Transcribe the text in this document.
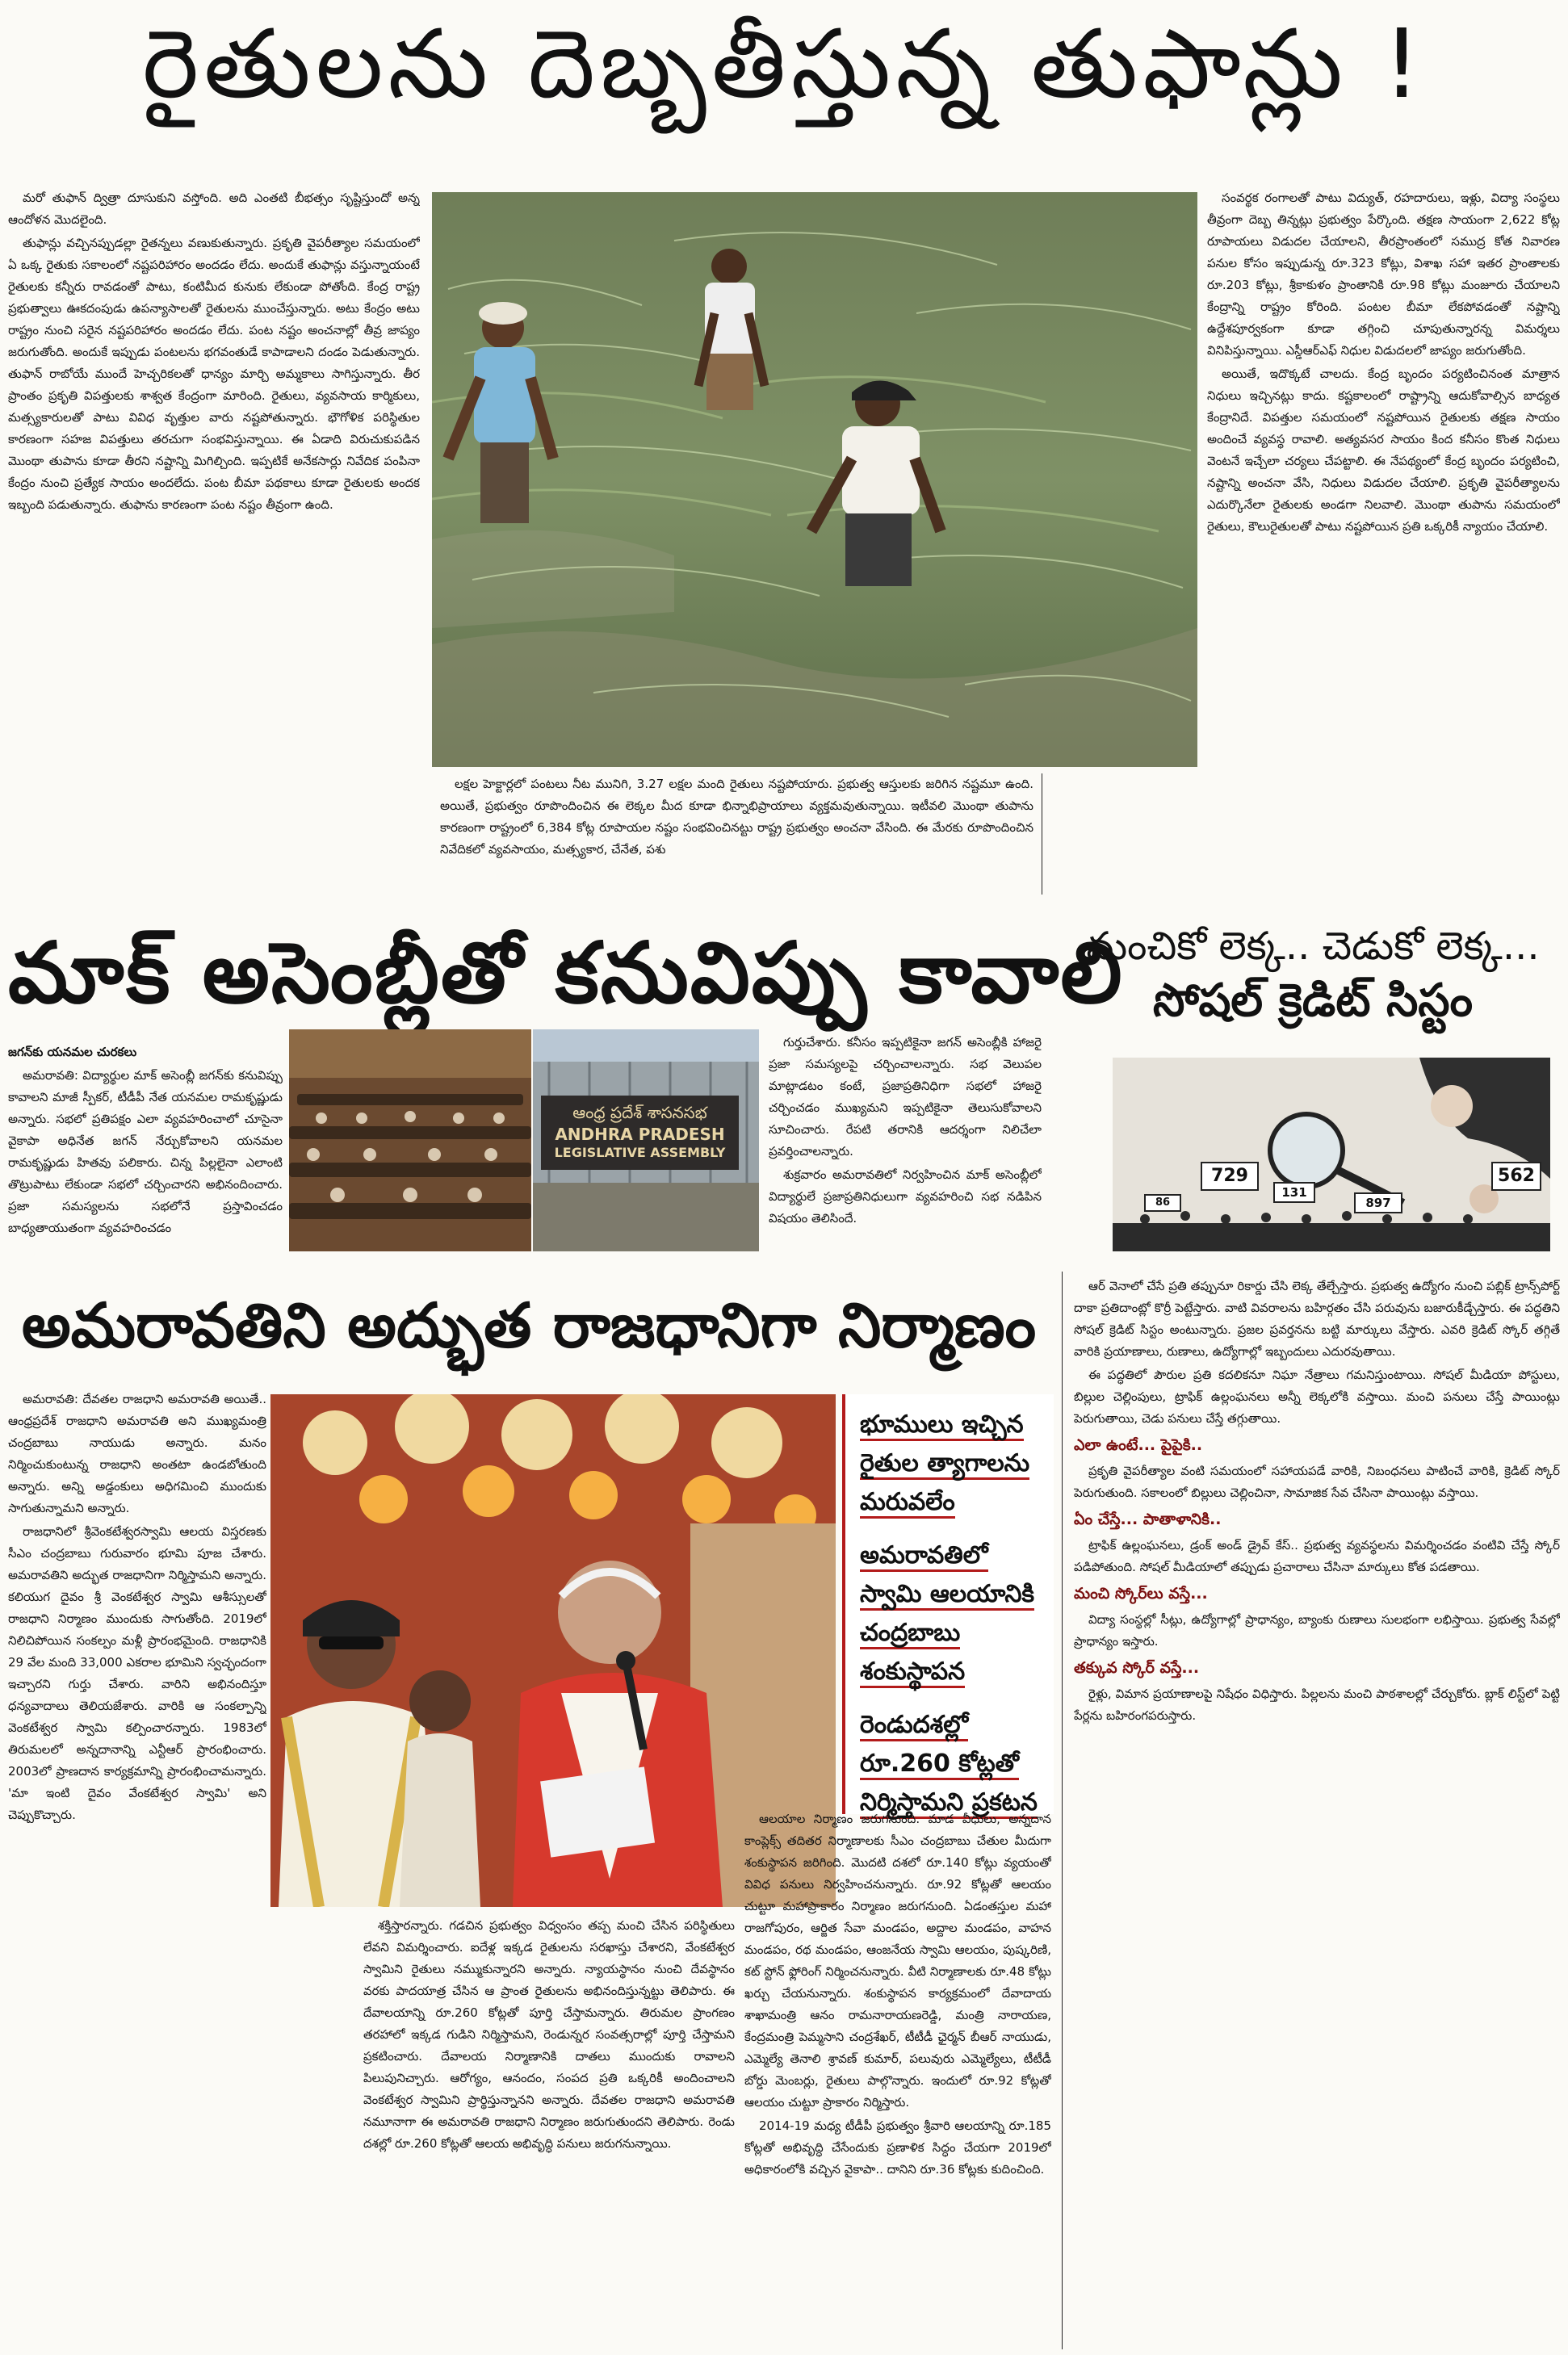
రైతులను దెబ్బతీస్తున్న తుఫాన్లు !

మరో తుఫాన్ ద్విత్రా దూసుకుని వస్తోంది. అది ఎంతటి బీభత్సం సృష్టిస్తుందో అన్న ఆందోళన మొదలైంది.

తుఫాన్లు వచ్చినప్పుడల్లా రైతన్నలు వణుకుతున్నారు. ప్రకృతి వైపరీత్యాల సమయంలో ఏ ఒక్క రైతుకు సకాలంలో నష్టపరిహారం అందడం లేదు. అందుకే తుఫాన్లు వస్తున్నాయంటే రైతులకు కన్నీరు రావడంతో పాటు, కంటిమీద కునుకు లేకుండా పోతోంది. కేంద్ర రాష్ట్ర ప్రభుత్వాలు ఊకదంపుడు ఉపన్యాసాలతో రైతులను ముంచేస్తున్నారు. అటు కేంద్రం అటు రాష్ట్రం నుంచి సరైన నష్టపరిహారం అందడం లేదు. పంట నష్టం అంచనాల్లో తీవ్ర జాప్యం జరుగుతోంది. అందుకే ఇప్పుడు పంటలను భగవంతుడే కాపాడాలని దండం పెడుతున్నారు. తుఫాన్ రాబోయే ముందే హెచ్చరికలతో ధాన్యం మార్చి అమ్మకాలు సాగిస్తున్నారు. తీర ప్రాంతం ప్రకృతి విపత్తులకు శాశ్వత కేంద్రంగా మారింది. రైతులు, వ్యవసాయ కార్మికులు, మత్స్యకారులతో పాటు వివిధ వృత్తుల వారు నష్టపోతున్నారు. భౌగోళిక పరిస్థితుల కారణంగా సహజ విపత్తులు తరచుగా సంభవిస్తున్నాయి. ఈ ఏడాది విరుచుకుపడిన మొంథా తుపాను కూడా తీరని నష్టాన్ని మిగిల్చింది. ఇప్పటికే అనేకసార్లు నివేదిక పంపినా కేంద్రం నుంచి ప్రత్యేక సాయం అందలేదు. పంట బీమా పథకాలు కూడా రైతులకు అందక ఇబ్బంది పడుతున్నారు. తుఫాను కారణంగా పంట నష్టం తీవ్రంగా ఉంది.

లక్షల హెక్టార్లలో పంటలు నీట మునిగి, 3.27 లక్షల మంది రైతులు నష్టపోయారు. ప్రభుత్వ ఆస్తులకు జరిగిన నష్టమూ ఉంది. అయితే, ప్రభుత్వం రూపొందించిన ఈ లెక్కల మీద కూడా భిన్నాభిప్రాయాలు వ్యక్తమవుతున్నాయి. ఇటీవలి మొంథా తుపాను కారణంగా రాష్ట్రంలో 6,384 కోట్ల రూపాయల నష్టం సంభవించినట్టు రాష్ట్ర ప్రభుత్వం అంచనా వేసింది. ఈ మేరకు రూపొందించిన నివేదికలో వ్యవసాయం, మత్స్యకార, చేనేత, పశు

సంవర్థక రంగాలతో పాటు విద్యుత్, రహదారులు, ఇళ్లు, విద్యా సంస్థలు తీవ్రంగా దెబ్బ తిన్నట్లు ప్రభుత్వం పేర్కొంది. తక్షణ సాయంగా 2,622 కోట్ల రూపాయలు విడుదల చేయాలని, తీరప్రాంతంలో సముద్ర కోత నివారణ పనుల కోసం ఇప్పుడున్న రూ.323 కోట్లు, విశాఖ సహా ఇతర ప్రాంతాలకు రూ.203 కోట్లు, శ్రీకాకుళం ప్రాంతానికి రూ.98 కోట్లు మంజూరు చేయాలని కేంద్రాన్ని రాష్ట్రం కోరింది. పంటల బీమా లేకపోవడంతో నష్టాన్ని ఉద్దేశపూర్వకంగా కూడా తగ్గించి చూపుతున్నారన్న విమర్శలు వినిపిస్తున్నాయి. ఎస్డీఆర్ఎఫ్ నిధుల విడుదలలో జాప్యం జరుగుతోంది.

అయితే, ఇదొక్కటే చాలదు. కేంద్ర బృందం పర్యటించినంత మాత్రాన నిధులు ఇచ్చినట్లు కాదు. కష్టకాలంలో రాష్ట్రాన్ని ఆదుకోవాల్సిన బాధ్యత కేంద్రానిదే. విపత్తుల సమయంలో నష్టపోయిన రైతులకు తక్షణ సాయం అందించే వ్యవస్థ రావాలి. అత్యవసర సాయం కింద కనీసం కొంత నిధులు వెంటనే ఇచ్చేలా చర్యలు చేపట్టాలి. ఈ నేపథ్యంలో కేంద్ర బృందం పర్యటించి, నష్టాన్ని అంచనా వేసి, నిధులు విడుదల చేయాలి. ప్రకృతి వైపరీత్యాలను ఎదుర్కొనేలా రైతులకు అండగా నిలవాలి. మొంథా తుపాను సమయంలో రైతులు, కౌలురైతులతో పాటు నష్టపోయిన ప్రతి ఒక్కరికీ న్యాయం చేయాలి.

మాక్ అసెంబ్లీతో కనువిప్పు కావాలి

జగన్‌కు యనమల చురకలు

అమరావతి: విద్యార్థుల మాక్ అసెంబ్లీ జగన్‌కు కనువిప్పు కావాలని మాజీ స్పీకర్, టీడీపీ నేత యనమల రామకృష్ణుడు అన్నారు. సభలో ప్రతిపక్షం ఎలా వ్యవహరించాలో చూసైనా వైకాపా అధినేత జగన్ నేర్చుకోవాలని యనమల రామకృష్ణుడు హితవు పలికారు. చిన్న పిల్లలైనా ఎలాంటి తొట్రుపాటు లేకుండా సభలో చర్చించారని అభినందించారు. ప్రజా సమస్యలను సభలోనే ప్రస్తావించడం బాధ్యతాయుతంగా వ్యవహరించడం

ఆంధ్ర ప్రదేశ్ శాసనసభ
ANDHRA PRADESH
LEGISLATIVE ASSEMBLY

గుర్తుచేశారు. కనీసం ఇప్పటికైనా జగన్ అసెంబ్లీకి హాజరై ప్రజా సమస్యలపై చర్చించాలన్నారు. సభ వెలుపల మాట్లాడటం కంటే, ప్రజాప్రతినిధిగా సభలో హాజరై చర్చించడం ముఖ్యమని ఇప్పటికైనా తెలుసుకోవాలని సూచించారు. రేపటి తరానికి ఆదర్శంగా నిలిచేలా ప్రవర్తించాలన్నారు.

శుక్రవారం అమరావతిలో నిర్వహించిన మాక్ అసెంబ్లీలో విద్యార్థులే ప్రజాప్రతినిధులుగా వ్యవహరించి సభ నడిపిన విషయం తెలిసిందే.

మంచికో లెక్క.. చెడుకో లెక్క...
సోషల్ క్రెడిట్ సిస్టం
729	562
131
897
86

ఆర్ వెనాలో చేసే ప్రతి తప్పునూ రికార్డు చేసి లెక్క తేల్చేస్తారు. ప్రభుత్వ ఉద్యోగం నుంచి పబ్లిక్ ట్రాన్స్‌పోర్ట్ దాకా ప్రతిదాంట్లో కొర్రీ పెట్టేస్తారు. వాటి వివరాలను బహిర్గతం చేసి పరువును బజారుకీడ్చేస్తారు. ఈ పద్ధతిని సోషల్ క్రెడిట్ సిస్టం అంటున్నారు. ప్రజల ప్రవర్తనను బట్టి మార్కులు వేస్తారు. ఎవరి క్రెడిట్ స్కోర్ తగ్గితే వారికి ప్రయాణాలు, రుణాలు, ఉద్యోగాల్లో ఇబ్బందులు ఎదురవుతాయి.

ఈ పద్ధతిలో పౌరుల ప్రతి కదలికనూ నిఘా నేత్రాలు గమనిస్తుంటాయి. సోషల్ మీడియా పోస్టులు, బిల్లుల చెల్లింపులు, ట్రాఫిక్ ఉల్లంఘనలు అన్నీ లెక్కలోకి వస్తాయి. మంచి పనులు చేస్తే పాయింట్లు పెరుగుతాయి, చెడు పనులు చేస్తే తగ్గుతాయి.

ఎలా ఉంటే... పైపైకి..

ప్రకృతి వైపరీత్యాల వంటి సమయంలో సహాయపడే వారికి, నిబంధనలు పాటించే వారికి, క్రెడిట్ స్కోర్ పెరుగుతుంది. సకాలంలో బిల్లులు చెల్లించినా, సామాజిక సేవ చేసినా పాయింట్లు వస్తాయి.

ఏం చేస్తే... పాతాళానికి..

ట్రాఫిక్ ఉల్లంఘనలు, డ్రంక్ అండ్ డ్రైవ్ కేస్.. ప్రభుత్వ వ్యవస్థలను విమర్శించడం వంటివి చేస్తే స్కోర్ పడిపోతుంది. సోషల్ మీడియాలో తప్పుడు ప్రచారాలు చేసినా మార్కులు కోత పడతాయి.

మంచి స్కోర్‌లు వస్తే...

విద్యా సంస్థల్లో సీట్లు, ఉద్యోగాల్లో ప్రాధాన్యం, బ్యాంకు రుణాలు సులభంగా లభిస్తాయి. ప్రభుత్వ సేవల్లో ప్రాధాన్యం ఇస్తారు.

తక్కువ స్కోర్ వస్తే...

రైళ్లు, విమాన ప్రయాణాలపై నిషేధం విధిస్తారు. పిల్లలను మంచి పాఠశాలల్లో చేర్చుకోరు. బ్లాక్ లిస్ట్‌లో పెట్టి పేర్లను బహిరంగపరుస్తారు.

అమరావతిని అద్భుత రాజధానిగా నిర్మాణం

అమరావతి: దేవతల రాజధాని అమరావతి అయితే.. ఆంధ్రప్రదేశ్ రాజధాని అమరావతి అని ముఖ్యమంత్రి చంద్రబాబు నాయుడు అన్నారు. మనం నిర్మించుకుంటున్న రాజధాని అంతటా ఉండబోతుంది అన్నారు. అన్ని అడ్డంకులు అధిగమించి ముందుకు సాగుతున్నామని అన్నారు.

రాజధానిలో శ్రీవెంకటేశ్వరస్వామి ఆలయ విస్తరణకు సీఎం చంద్రబాబు గురువారం భూమి పూజ చేశారు. అమరావతిని అద్భుత రాజధానిగా నిర్మిస్తామని అన్నారు. కలియుగ దైవం శ్రీ వెంకటేశ్వర స్వామి ఆశీస్సులతో రాజధాని నిర్మాణం ముందుకు సాగుతోంది. 2019లో నిలిచిపోయిన సంకల్పం మళ్లీ ప్రారంభమైంది. రాజధానికి 29 వేల మంది 33,000 ఎకరాల భూమిని స్వచ్ఛందంగా ఇచ్చారని గుర్తు చేశారు. వారిని అభినందిస్తూ ధన్యవాదాలు తెలియజేశారు. వారికి ఆ సంకల్పాన్ని వెంకటేశ్వర స్వామి కల్పించారన్నారు. 1983లో తిరుమలలో అన్నదానాన్ని ఎన్టీఆర్ ప్రారంభించారు. 2003లో ప్రాణదాన కార్యక్రమాన్ని ప్రారంభించామన్నారు. 'మా ఇంటి దైవం వేంకటేశ్వర స్వామి' అని చెప్పుకొచ్చారు.

భూములు ఇచ్చిన రైతుల త్యాగాలను మరువలేం

అమరావతిలో స్వామి ఆలయానికి చంద్రబాబు శంకుస్థాపన

రెండుదశల్లో రూ.260 కోట్లతో నిర్మిస్తామని ప్రకటన

శక్తిస్తారన్నారు. గడచిన ప్రభుత్వం విధ్వంసం తప్ప మంచి చేసిన పరిస్థితులు లేవని విమర్శించారు. ఐదేళ్ల ఇక్కడ రైతులను సరఖాస్తు చేశారని, వేంకటేశ్వర స్వామిని రైతులు నమ్ముకున్నారని అన్నారు. న్యాయస్థానం నుంచి దేవస్థానం వరకు పాదయాత్ర చేసిన ఆ ప్రాంత రైతులను అభినందిస్తున్నట్టు తెలిపారు. ఈ దేవాలయాన్ని రూ.260 కోట్లతో పూర్తి చేస్తామన్నారు. తిరుమల ప్రాంగణం తరహాలో ఇక్కడ గుడిని నిర్మిస్తామని, రెండున్నర సంవత్సరాల్లో పూర్తి చేస్తామని ప్రకటించారు. దేవాలయ నిర్మాణానికి దాతలు ముందుకు రావాలని పిలుపునిచ్చారు. ఆరోగ్యం, ఆనందం, సంపద ప్రతి ఒక్కరికీ అందించాలని వెంకటేశ్వర స్వామిని ప్రార్థిస్తున్నానని అన్నారు. దేవతల రాజధాని అమరావతి నమూనాగా ఈ అమరావతి రాజధాని నిర్మాణం జరుగుతుందని తెలిపారు. రెండు దశల్లో రూ.260 కోట్లతో ఆలయ అభివృద్ధి పనులు జరుగనున్నాయి.

ఆలయాల నిర్మాణం జరుగనుంది. మాడ వీధులు, అన్నదాన కాంప్లెక్స్ తదితర నిర్మాణాలకు సీఎం చంద్రబాబు చేతుల మీదుగా శంకుస్థాపన జరిగింది. మొదటి దశలో రూ.140 కోట్లు వ్యయంతో వివిధ పనులు నిర్వహించనున్నారు. రూ.92 కోట్లతో ఆలయం చుట్టూ మహాప్రాకారం నిర్మాణం జరుగనుంది. ఏడంతస్తుల మహా రాజగోపురం, ఆర్జిత సేవా మండపం, అద్దాల మండపం, వాహన మండపం, రథ మండపం, ఆంజనేయ స్వామి ఆలయం, పుష్కరిణి, కట్ స్టోన్ ఫ్లోరింగ్ నిర్మించనున్నారు. వీటి నిర్మాణాలకు రూ.48 కోట్లు ఖర్చు చేయనున్నారు. శంకుస్థాపన కార్యక్రమంలో దేవాదాయ శాఖామంత్రి ఆనం రామనారాయణరెడ్డి, మంత్రి నారాయణ, కేంద్రమంత్రి పెమ్మసాని చంద్రశేఖర్, టీటీడీ ఛైర్మన్ బీఆర్ నాయుడు, ఎమ్మెల్యే తెనాలి శ్రావణ్ కుమార్, పలువురు ఎమ్మెల్యేలు, టీటీడీ బోర్డు మెంబర్లు, రైతులు పాల్గొన్నారు. ఇందులో రూ.92 కోట్లతో ఆలయం చుట్టూ ప్రాకారం నిర్మిస్తారు.

2014-19 మధ్య టీడీపీ ప్రభుత్వం శ్రీవారి ఆలయాన్ని రూ.185 కోట్లతో అభివృద్ధి చేసేందుకు ప్రణాళిక సిద్ధం చేయగా 2019లో అధికారంలోకి వచ్చిన వైకాపా.. దానిని రూ.36 కోట్లకు కుదించింది.
